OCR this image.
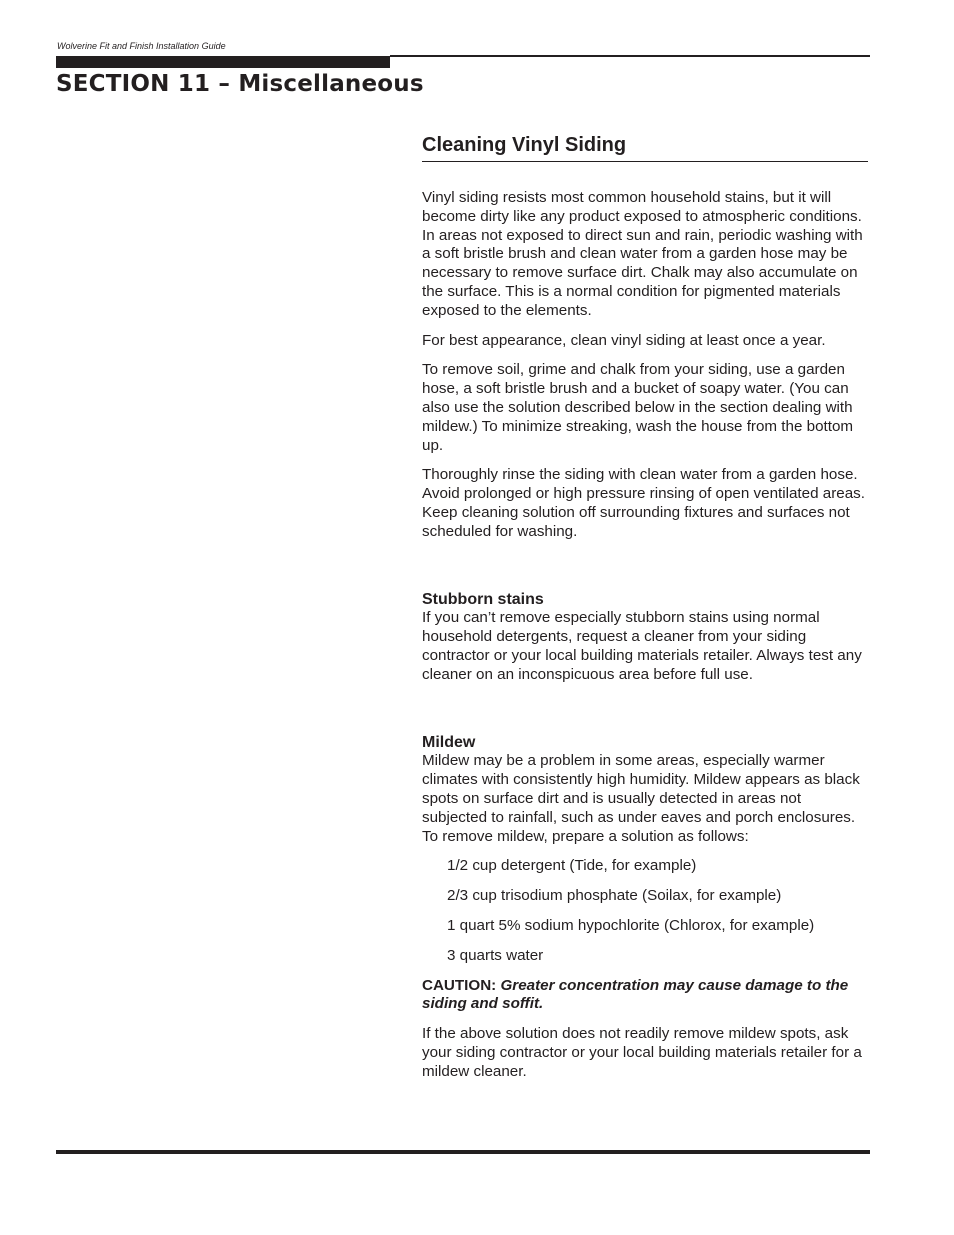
Wolverine Fit and Finish Installation Guide
SECTION 11 – Miscellaneous
Cleaning Vinyl Siding

Vinyl siding resists most common household stains, but it will become dirty like any product exposed to atmospheric conditions. In areas not exposed to direct sun and rain, periodic washing with a soft bristle brush and clean water from a garden hose may be necessary to remove surface dirt. Chalk may also accumulate on the surface. This is a normal condition for pigmented materials exposed to the elements.

For best appearance, clean vinyl siding at least once a year.

To remove soil, grime and chalk from your siding, use a garden hose, a soft bristle brush and a bucket of soapy water. (You can also use the solution described below in the section dealing with mildew.) To minimize streaking, wash the house from the bottom up.

Thoroughly rinse the siding with clean water from a garden hose. Avoid prolonged or high pressure rinsing of open ventilated areas. Keep cleaning solution off surrounding fixtures and surfaces not scheduled for washing.

Stubborn stains

If you can’t remove especially stubborn stains using normal household detergents, request a cleaner from your siding contractor or your local building materials retailer. Always test any cleaner on an inconspicuous area before full use.

Mildew

Mildew may be a problem in some areas, especially warmer climates with consistently high humidity. Mildew appears as black spots on surface dirt and is usually detected in areas not subjected to rainfall, such as under eaves and porch enclosures. To remove mildew, prepare a solution as follows:

1/2 cup detergent (Tide, for example)
2/3 cup trisodium phosphate (Soilax, for example)
1 quart 5% sodium hypochlorite (Chlorox, for example)
3 quarts water

CAUTION: Greater concentration may cause damage to the siding and soffit.

If the above solution does not readily remove mildew spots, ask your siding contractor or your local building materials retailer for a mildew cleaner.
